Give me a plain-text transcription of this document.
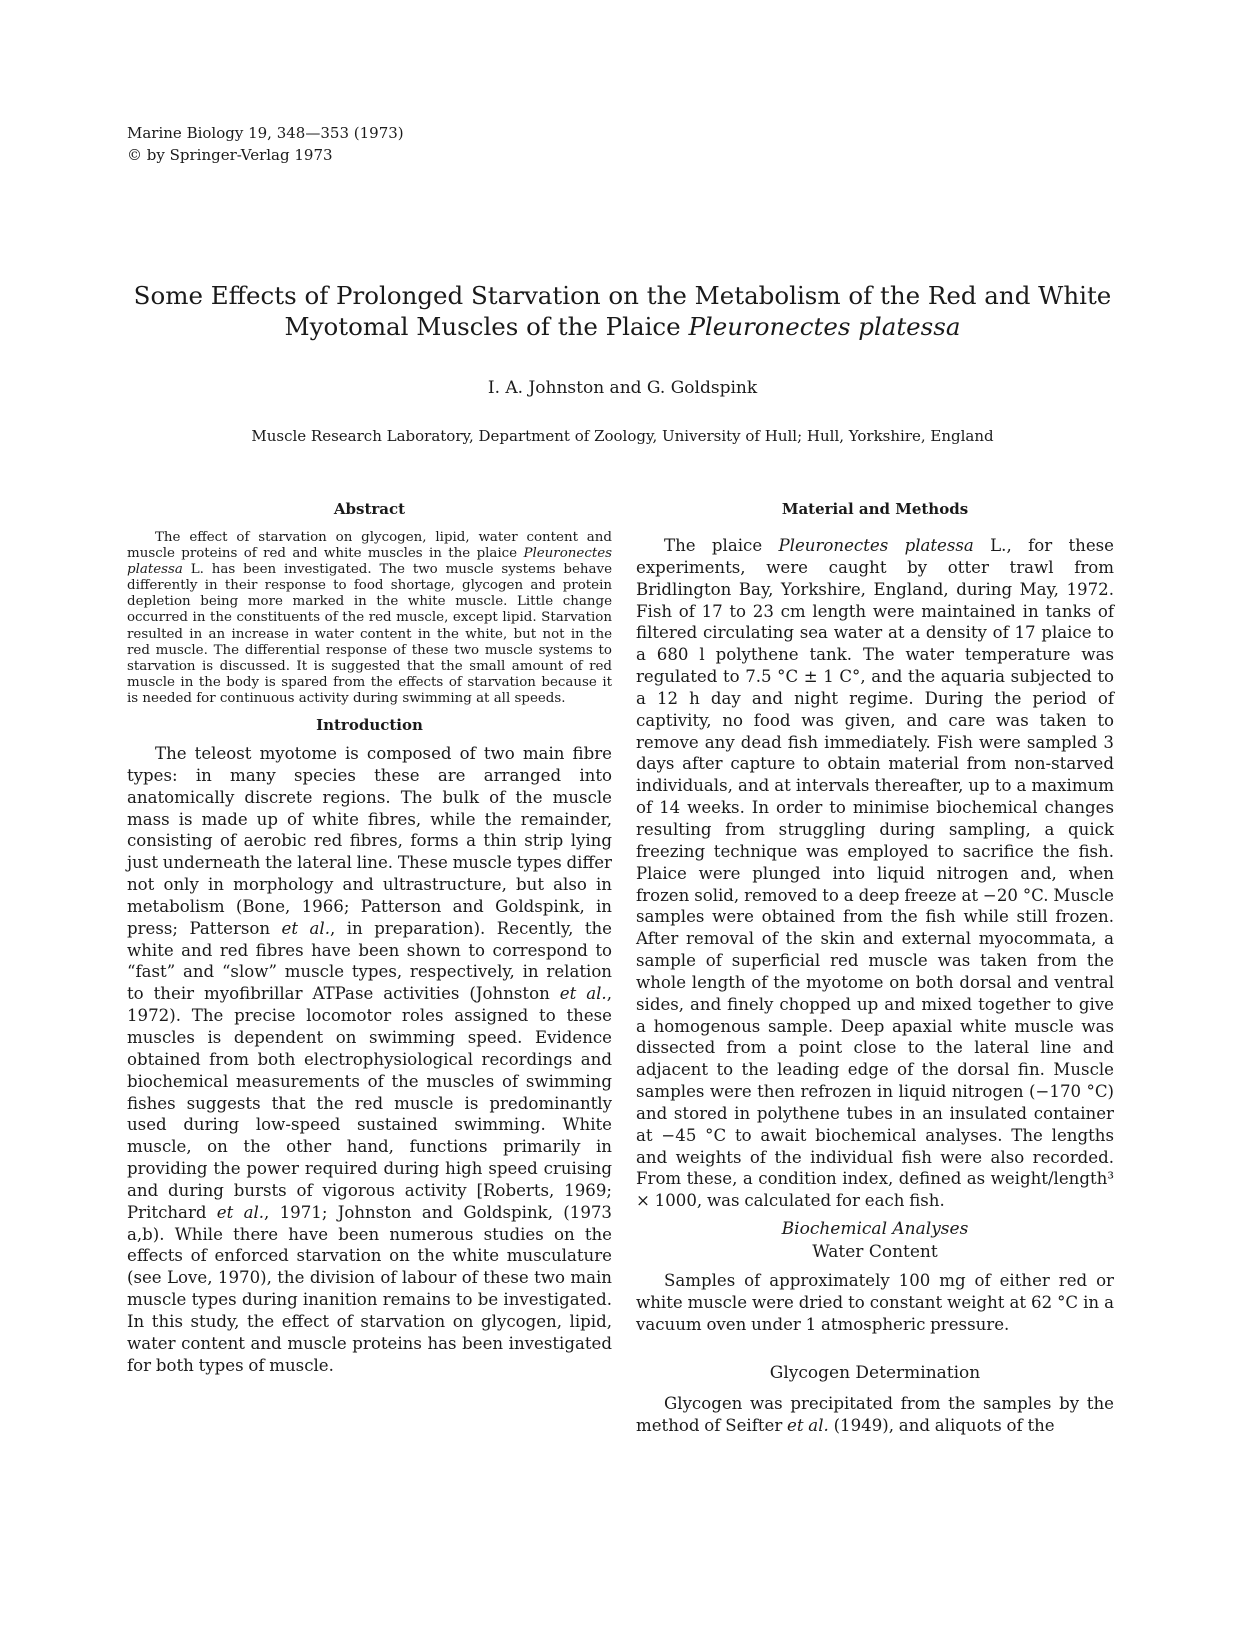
Marine Biology 19, 348—353 (1973)
© by Springer-Verlag 1973
Some Effects of Prolonged Starvation on the Metabolism of the Red and White Myotomal Muscles of the Plaice Pleuronectes platessa
I. A. Johnston and G. Goldspink
Muscle Research Laboratory, Department of Zoology, University of Hull; Hull, Yorkshire, England
Abstract

The effect of starvation on glycogen, lipid, water content and muscle proteins of red and white muscles in the plaice Pleuronectes platessa L. has been investigated. The two muscle systems behave differently in their response to food shortage, glycogen and protein depletion being more marked in the white muscle. Little change occurred in the constituents of the red muscle, except lipid. Starvation resulted in an increase in water content in the white, but not in the red muscle. The differential response of these two muscle systems to starvation is discussed. It is suggested that the small amount of red muscle in the body is spared from the effects of starvation because it is needed for continuous activity during swimming at all speeds.

Introduction

The teleost myotome is composed of two main fibre types: in many species these are arranged into anatomically discrete regions. The bulk of the muscle mass is made up of white fibres, while the remainder, consisting of aerobic red fibres, forms a thin strip lying just underneath the lateral line. These muscle types differ not only in morphology and ultrastructure, but also in metabolism (Bone, 1966; Patterson and Goldspink, in press; Patterson et al., in preparation). Recently, the white and red fibres have been shown to correspond to “fast” and “slow” muscle types, respectively, in relation to their myofibrillar ATPase activities (Johnston et al., 1972). The precise locomotor roles assigned to these muscles is dependent on swimming speed. Evidence obtained from both electrophysiological recordings and biochemical measurements of the muscles of swimming fishes suggests that the red muscle is predominantly used during low-speed sustained swimming. White muscle, on the other hand, functions primarily in providing the power required during high speed cruising and during bursts of vigorous activity [Roberts, 1969; Pritchard et al., 1971; Johnston and Goldspink, (1973 a,b). While there have been numerous studies on the effects of enforced starvation on the white musculature (see Love, 1970), the division of labour of these two main muscle types during inanition remains to be investigated. In this study, the effect of starvation on glycogen, lipid, water content and muscle proteins has been investigated for both types of muscle.

Material and Methods

The plaice Pleuronectes platessa L., for these experiments, were caught by otter trawl from Bridlington Bay, Yorkshire, England, during May, 1972. Fish of 17 to 23 cm length were maintained in tanks of filtered circulating sea water at a density of 17 plaice to a 680 l polythene tank. The water temperature was regulated to 7.5 °C ± 1 C°, and the aquaria subjected to a 12 h day and night regime. During the period of captivity, no food was given, and care was taken to remove any dead fish immediately. Fish were sampled 3 days after capture to obtain material from non-starved individuals, and at intervals thereafter, up to a maximum of 14 weeks. In order to minimise biochemical changes resulting from struggling during sampling, a quick freezing technique was employed to sacrifice the fish. Plaice were plunged into liquid nitrogen and, when frozen solid, removed to a deep freeze at −20 °C. Muscle samples were obtained from the fish while still frozen. After removal of the skin and external myocommata, a sample of superficial red muscle was taken from the whole length of the myotome on both dorsal and ventral sides, and finely chopped up and mixed together to give a homogenous sample. Deep apaxial white muscle was dissected from a point close to the lateral line and adjacent to the leading edge of the dorsal fin. Muscle samples were then refrozen in liquid nitrogen (−170 °C) and stored in polythene tubes in an insulated container at −45 °C to await biochemical analyses. The lengths and weights of the individual fish were also recorded. From these, a condition index, defined as weight/length³ × 1000, was calculated for each fish.

Biochemical Analyses

Water Content

Samples of approximately 100 mg of either red or white muscle were dried to constant weight at 62 °C in a vacuum oven under 1 atmospheric pressure.

Glycogen Determination

Glycogen was precipitated from the samples by the method of Seifter et al. (1949), and aliquots of the
